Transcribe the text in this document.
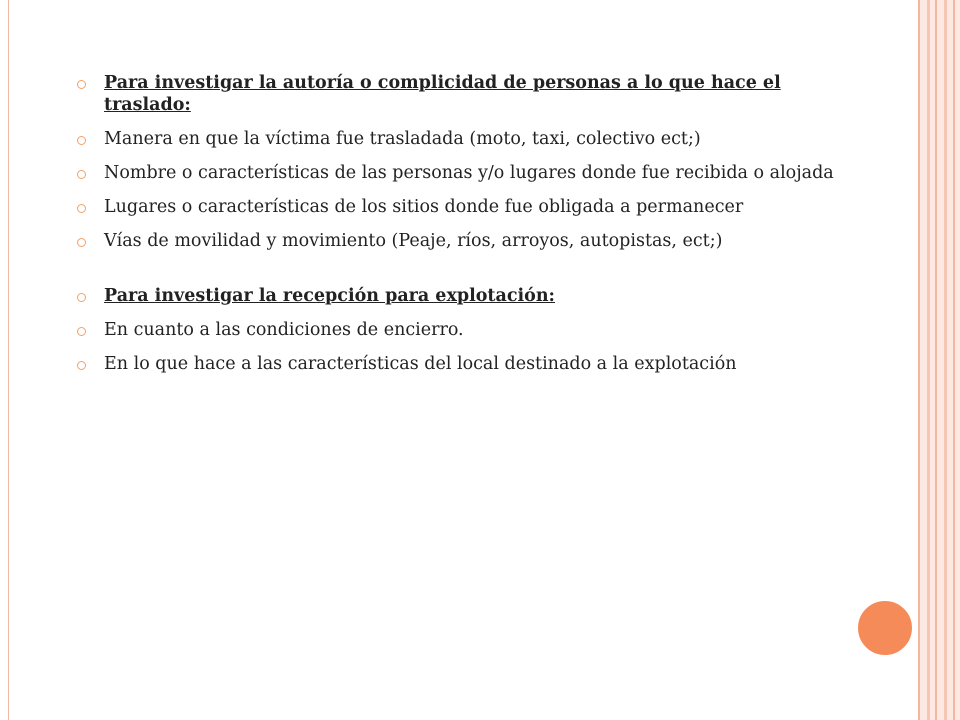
Para investigar la autoría o complicidad de personas a lo que hace el traslado:
Manera en que la víctima fue trasladada (moto, taxi, colectivo ect;)
Nombre o características de las personas y/o lugares donde fue recibida o alojada
Lugares o características de los sitios donde fue obligada a permanecer
Vías de movilidad y movimiento (Peaje, ríos, arroyos, autopistas, ect;)
Para investigar la recepción para explotación:
En cuanto a las condiciones de encierro.
En lo que hace a las características del local destinado a la explotación
